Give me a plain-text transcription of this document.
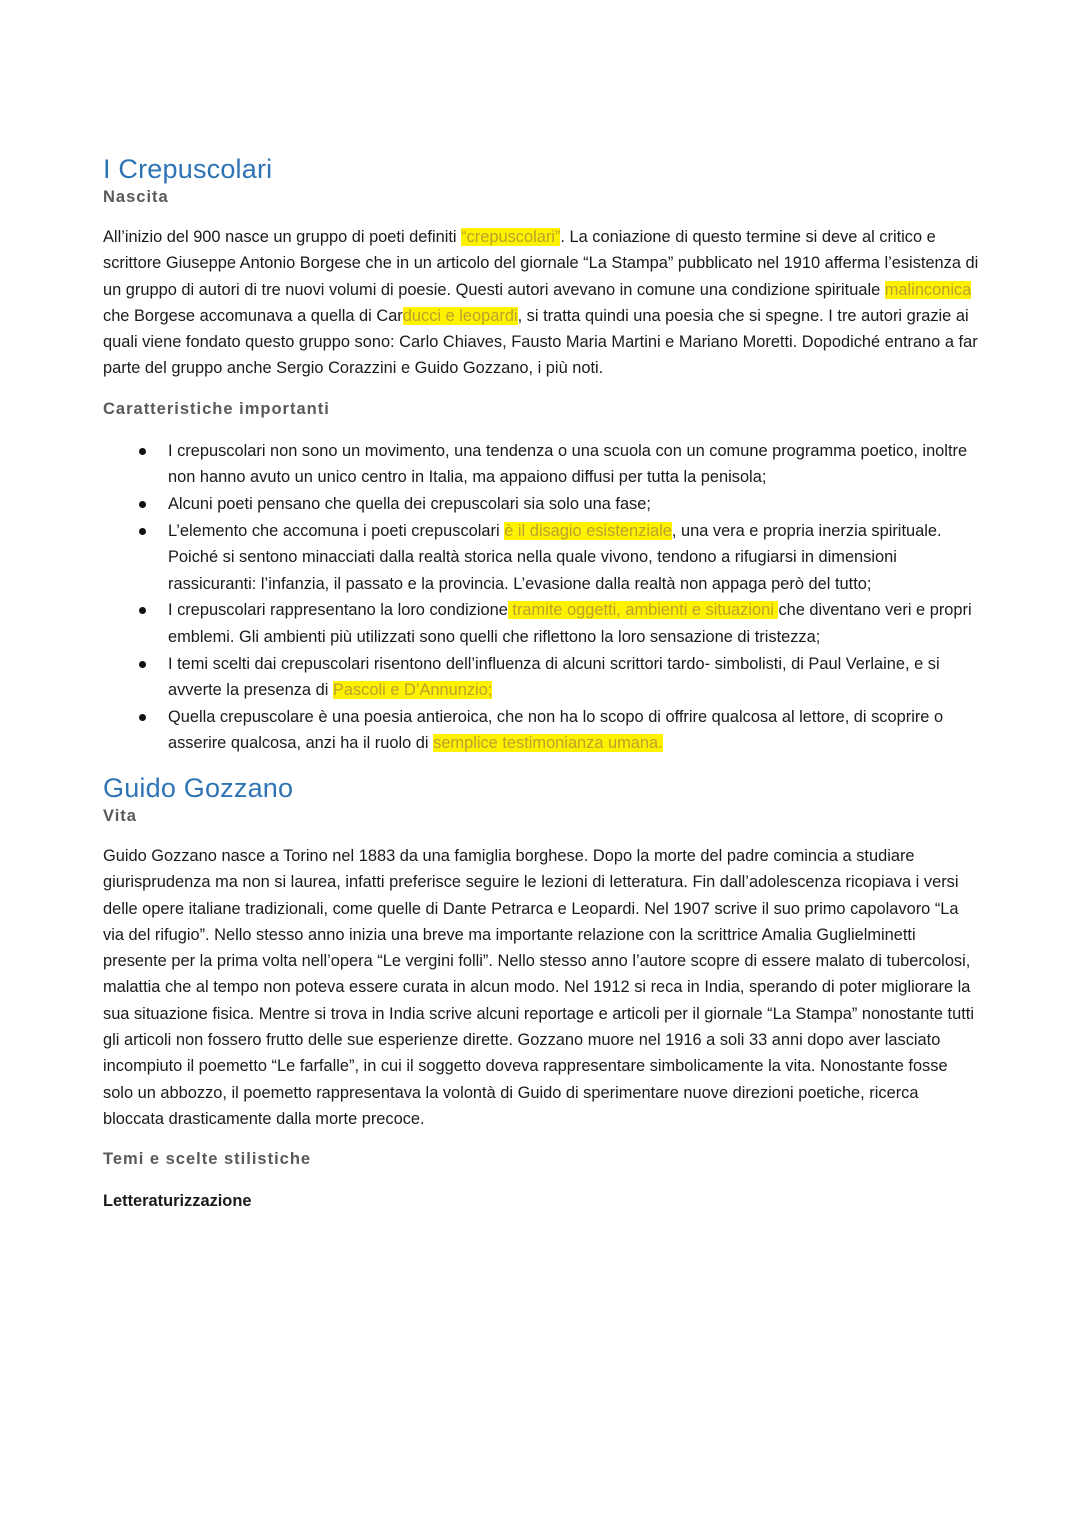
I Crepuscolari
Nascita

All’inizio del 900 nasce un gruppo di poeti definiti “crepuscolari”. La coniazione di questo termine si deve al critico e scrittore Giuseppe Antonio Borgese che in un articolo del giornale “La Stampa” pubblicato nel 1910 afferma l’esistenza di un gruppo di autori di tre nuovi volumi di poesie. Questi autori avevano in comune una condizione spirituale malinconica che Borgese accomunava a quella di Carducci e leopardi, si tratta quindi una poesia che si spegne. I tre autori grazie ai quali viene fondato questo gruppo sono: Carlo Chiaves, Fausto Maria Martini e Mariano Moretti. Dopodiché entrano a far parte del gruppo anche Sergio Corazzini e Guido Gozzano, i più noti.

Caratteristiche importanti
I crepuscolari non sono un movimento, una tendenza o una scuola con un comune programma poetico, inoltre non hanno avuto un unico centro in Italia, ma appaiono diffusi per tutta la penisola;
Alcuni poeti pensano che quella dei crepuscolari sia solo una fase;
L’elemento che accomuna i poeti crepuscolari è il disagio esistenziale, una vera e propria inerzia spirituale. Poiché si sentono minacciati dalla realtà storica nella quale vivono, tendono a rifugiarsi in dimensioni rassicuranti: l’infanzia, il passato e la provincia. L’evasione dalla realtà non appaga però del tutto;
I crepuscolari rappresentano la loro condizione tramite oggetti, ambienti e situazioni che diventano veri e propri emblemi. Gli ambienti più utilizzati sono quelli che riflettono la loro sensazione di tristezza;
I temi scelti dai crepuscolari risentono dell’influenza di alcuni scrittori tardo- simbolisti, di Paul Verlaine, e si avverte la presenza di Pascoli e D’Annunzio;
Quella crepuscolare è una poesia antieroica, che non ha lo scopo di offrire qualcosa al lettore, di scoprire o asserire qualcosa, anzi ha il ruolo di semplice testimonianza umana.
Guido Gozzano
Vita

Guido Gozzano nasce a Torino nel 1883 da una famiglia borghese. Dopo la morte del padre comincia a studiare giurisprudenza ma non si laurea, infatti preferisce seguire le lezioni di letteratura. Fin dall’adolescenza ricopiava i versi delle opere italiane tradizionali, come quelle di Dante Petrarca e Leopardi. Nel 1907 scrive il suo primo capolavoro “La via del rifugio”. Nello stesso anno inizia una breve ma importante relazione con la scrittrice Amalia Guglielminetti presente per la prima volta nell’opera “Le vergini folli”. Nello stesso anno l’autore scopre di essere malato di tubercolosi, malattia che al tempo non poteva essere curata in alcun modo. Nel 1912 si reca in India, sperando di poter migliorare la sua situazione fisica. Mentre si trova in India scrive alcuni reportage e articoli per il giornale “La Stampa” nonostante tutti gli articoli non fossero frutto delle sue esperienze dirette. Gozzano muore nel 1916 a soli 33 anni dopo aver lasciato incompiuto il poemetto “Le farfalle”, in cui il soggetto doveva rappresentare simbolicamente la vita. Nonostante fosse solo un abbozzo, il poemetto rappresentava la volontà di Guido di sperimentare nuove direzioni poetiche, ricerca bloccata drasticamente dalla morte precoce.

Temi e scelte stilistiche
Letteraturizzazione
